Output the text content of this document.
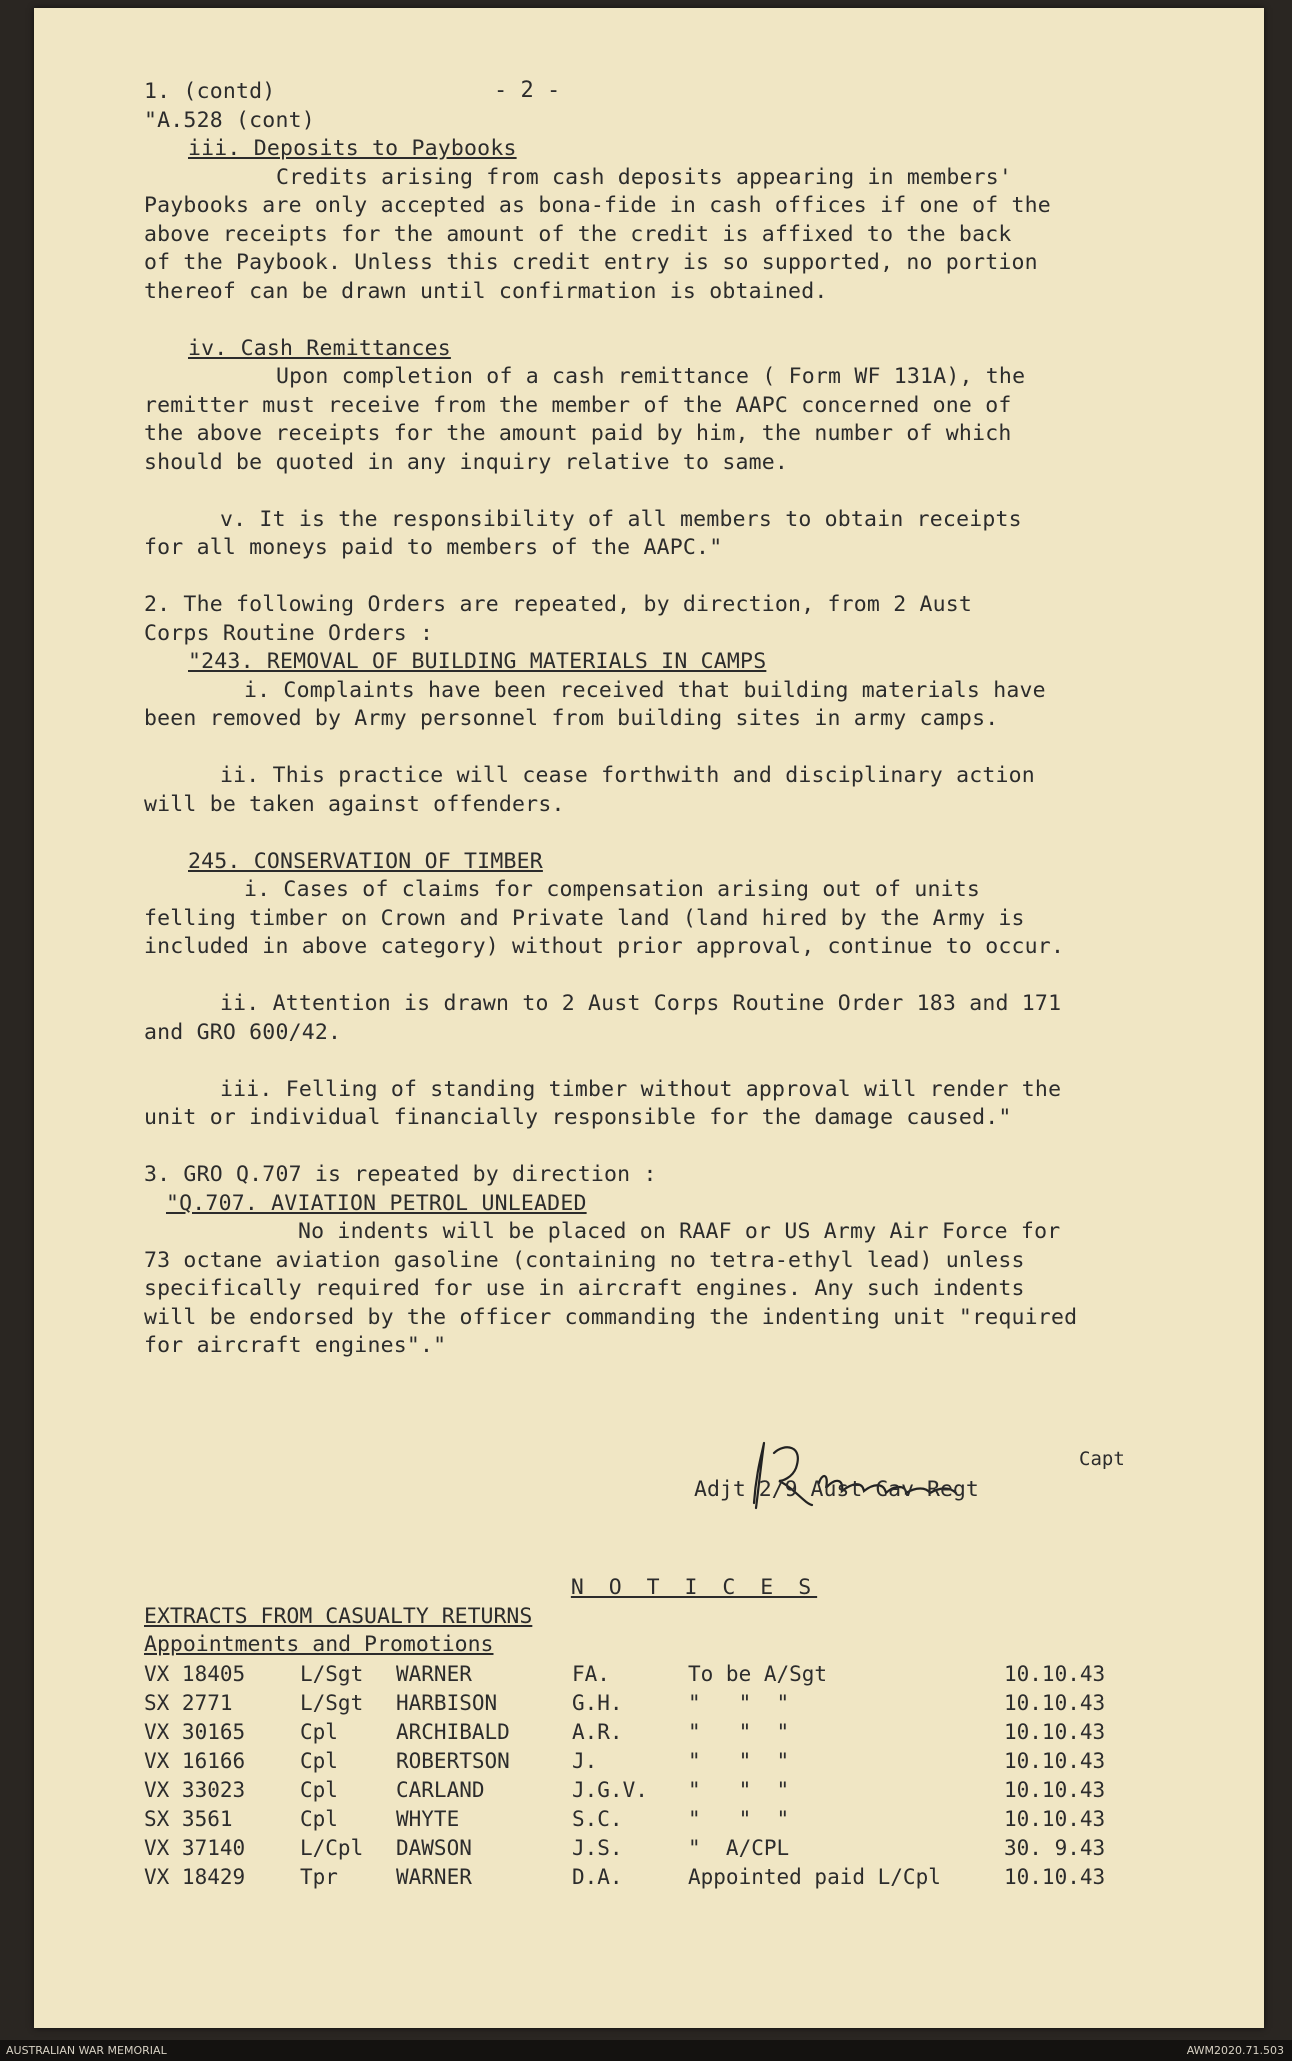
- 2 -
1. (contd)
"A.528 (cont)
iii. Deposits to Paybooks
Credits arising from cash deposits appearing in members'
Paybooks are only accepted as bona-fide in cash offices if one of the
above receipts for the amount of the credit is affixed to the back
of the Paybook. Unless this credit entry is so supported, no portion
thereof can be drawn until confirmation is obtained.
iv. Cash Remittances
Upon completion of a cash remittance ( Form WF 131A), the
remitter must receive from the member of the AAPC concerned one of
the above receipts for the amount paid by him, the number of which
should be quoted in any inquiry relative to same.
v. It is the responsibility of all members to obtain receipts
for all moneys paid to members of the AAPC."
2. The following Orders are repeated, by direction, from 2 Aust
Corps Routine Orders :
"243. REMOVAL OF BUILDING MATERIALS IN CAMPS
i. Complaints have been received that building materials have
been removed by Army personnel from building sites in army camps.
ii. This practice will cease forthwith and disciplinary action
will be taken against offenders.
245. CONSERVATION OF TIMBER
i. Cases of claims for compensation arising out of units
felling timber on Crown and Private land (land hired by the Army is
included in above category) without prior approval, continue to occur.
ii. Attention is drawn to 2 Aust Corps Routine Order 183 and 171
and GRO 600/42.
iii. Felling of standing timber without approval will render the
unit or individual financially responsible for the damage caused."
3. GRO Q.707 is repeated by direction :
"Q.707. AVIATION PETROL UNLEADED
No indents will be placed on RAAF or US Army Air Force for
73 octane aviation gasoline (containing no tetra-ethyl lead) unless
specifically required for use in aircraft engines. Any such indents
will be endorsed by the officer commanding the indenting unit "required
for aircraft engines"."
Capt
Adjt 2/9 Aust Cav Regt
N O T I C E S
EXTRACTS FROM CASUALTY RETURNS
Appointments and Promotions
VX 18405	L/Sgt	WARNER	FA.	To be A/Sgt	10.10.43
SX 2771	L/Sgt	HARBISON	G.H.	"   "  "	10.10.43
VX 30165	Cpl	ARCHIBALD	A.R.	"   "  "	10.10.43
VX 16166	Cpl	ROBERTSON	J.	"   "  "	10.10.43
VX 33023	Cpl	CARLAND	J.G.V.	"   "  "	10.10.43
SX 3561	Cpl	WHYTE	S.C.	"   "  "	10.10.43
VX 37140	L/Cpl	DAWSON	J.S.	"  A/CPL	30. 9.43
VX 18429	Tpr	WARNER	D.A.	Appointed paid L/Cpl	10.10.43
AUSTRALIAN WAR MEMORIAL	AWM2020.71.503
